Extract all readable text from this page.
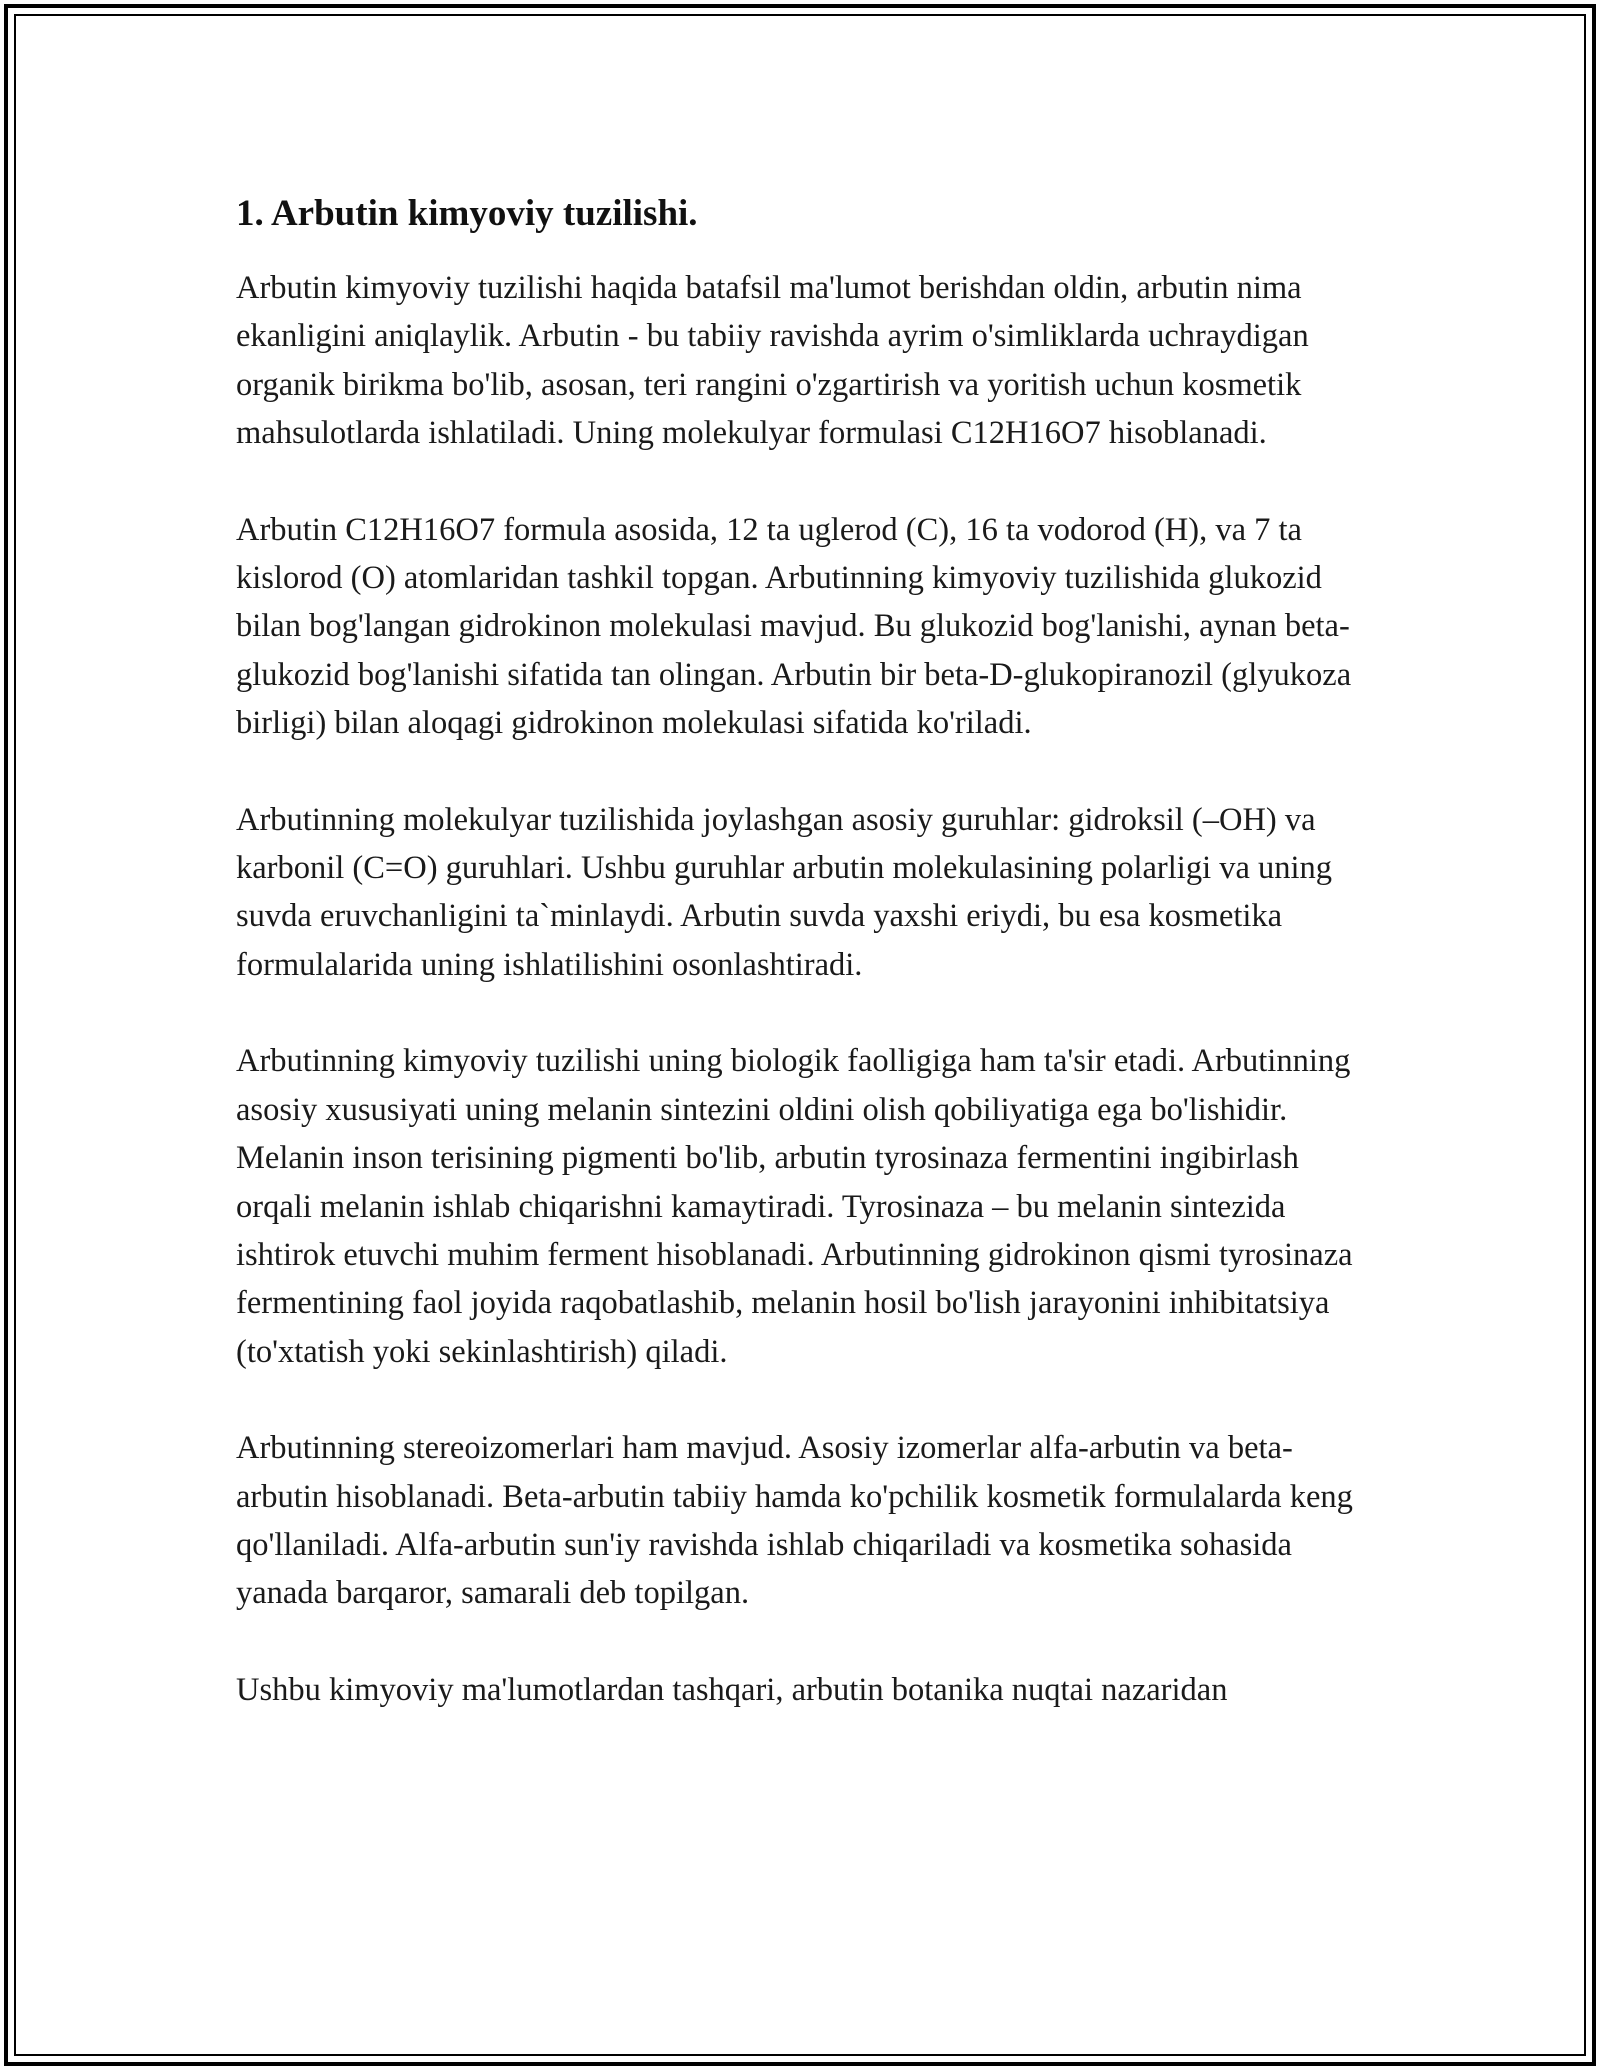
1. Arbutin kimyoviy tuzilishi.

Arbutin kimyoviy tuzilishi haqida batafsil ma'lumot berishdan oldin, arbutin nima ekanligini aniqlaylik. Arbutin - bu tabiiy ravishda ayrim o'simliklarda uchraydigan organik birikma bo'lib, asosan, teri rangini o'zgartirish va yoritish uchun kosmetik mahsulotlarda ishlatiladi. Uning molekulyar formulasi C12H16O7 hisoblanadi.

Arbutin C12H16O7 formula asosida, 12 ta uglerod (C), 16 ta vodorod (H), va 7 ta kislorod (O) atomlaridan tashkil topgan. Arbutinning kimyoviy tuzilishida glukozid bilan bog'langan gidrokinon molekulasi mavjud. Bu glukozid bog'lanishi, aynan beta-glukozid bog'lanishi sifatida tan olingan. Arbutin bir beta-D-glukopiranozil (glyukoza birligi) bilan aloqagi gidrokinon molekulasi sifatida ko'riladi.

Arbutinning molekulyar tuzilishida joylashgan asosiy guruhlar: gidroksil (–OH) va karbonil (C=O) guruhlari. Ushbu guruhlar arbutin molekulasining polarligi va uning suvda eruvchanligini ta`minlaydi. Arbutin suvda yaxshi eriydi, bu esa kosmetika formulalarida uning ishlatilishini osonlashtiradi.

Arbutinning kimyoviy tuzilishi uning biologik faolligiga ham ta'sir etadi. Arbutinning asosiy xususiyati uning melanin sintezini oldini olish qobiliyatiga ega bo'lishidir. Melanin inson terisining pigmenti bo'lib, arbutin tyrosinaza fermentini ingibirlash orqali melanin ishlab chiqarishni kamaytiradi. Tyrosinaza – bu melanin sintezida ishtirok etuvchi muhim ferment hisoblanadi. Arbutinning gidrokinon qismi tyrosinaza fermentining faol joyida raqobatlashib, melanin hosil bo'lish jarayonini inhibitatsiya (to'xtatish yoki sekinlashtirish) qiladi.

Arbutinning stereoizomerlari ham mavjud. Asosiy izomerlar alfa-arbutin va beta-arbutin hisoblanadi. Beta-arbutin tabiiy hamda ko'pchilik kosmetik formulalarda keng qo'llaniladi. Alfa-arbutin sun'iy ravishda ishlab chiqariladi va kosmetika sohasida yanada barqaror, samarali deb topilgan.

Ushbu kimyoviy ma'lumotlardan tashqari, arbutin botanika nuqtai nazaridan
